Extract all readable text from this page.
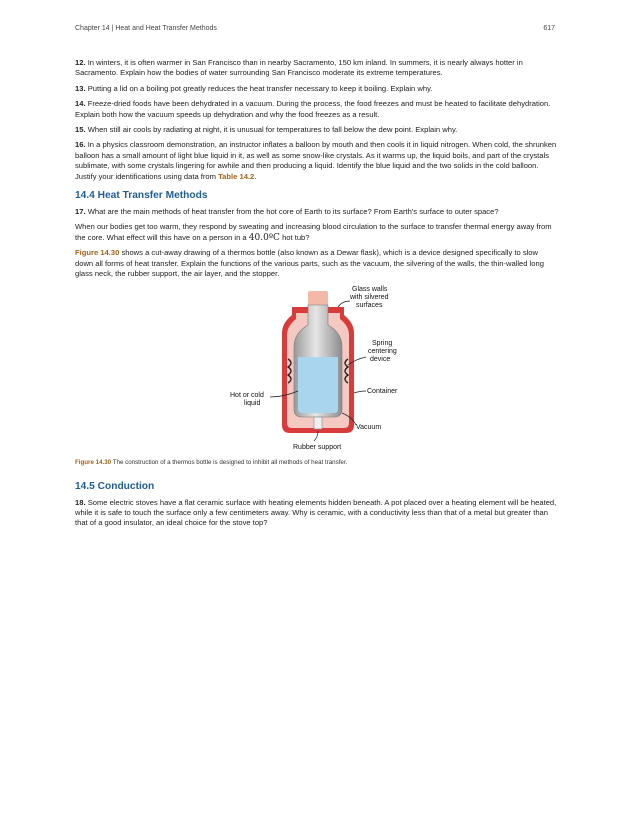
Chapter 14 | Heat and Heat Transfer Methods	617

12. In winters, it is often warmer in San Francisco than in nearby Sacramento, 150 km inland. In summers, it is nearly always hotter in Sacramento. Explain how the bodies of water surrounding San Francisco moderate its extreme temperatures.

13. Putting a lid on a boiling pot greatly reduces the heat transfer necessary to keep it boiling. Explain why.

14. Freeze-dried foods have been dehydrated in a vacuum. During the process, the food freezes and must be heated to facilitate dehydration. Explain both how the vacuum speeds up dehydration and why the food freezes as a result.

15. When still air cools by radiating at night, it is unusual for temperatures to fall below the dew point. Explain why.

16. In a physics classroom demonstration, an instructor inflates a balloon by mouth and then cools it in liquid nitrogen. When cold, the shrunken balloon has a small amount of light blue liquid in it, as well as some snow-like crystals. As it warms up, the liquid boils, and part of the crystals sublimate, with some crystals lingering for awhile and then producing a liquid. Identify the blue liquid and the two solids in the cold balloon. Justify your identifications using data from Table 14.2.

14.4 Heat Transfer Methods

17. What are the main methods of heat transfer from the hot core of Earth to its surface? From Earth's surface to outer space?

When our bodies get too warm, they respond by sweating and increasing blood circulation to the surface to transfer thermal energy away from the core. What effect will this have on a person in a 40.0ºC hot tub?

Figure 14.30 shows a cut-away drawing of a thermos bottle (also known as a Dewar flask), which is a device designed specifically to slow down all forms of heat transfer. Explain the functions of the various parts, such as the vacuum, the silvering of the walls, the thin-walled long glass neck, the rubber support, the air layer, and the stopper.

Glass walls
with silvered
surfaces
Spring
centering
device
Container
Hot or cold
liquid
Vacuum
Rubber support
Figure 14.30 The construction of a thermos bottle is designed to inhibit all methods of heat transfer.
14.5 Conduction

18. Some electric stoves have a flat ceramic surface with heating elements hidden beneath. A pot placed over a heating element will be heated, while it is safe to touch the surface only a few centimeters away. Why is ceramic, with a conductivity less than that of a metal but greater than that of a good insulator, an ideal choice for the stove top?
